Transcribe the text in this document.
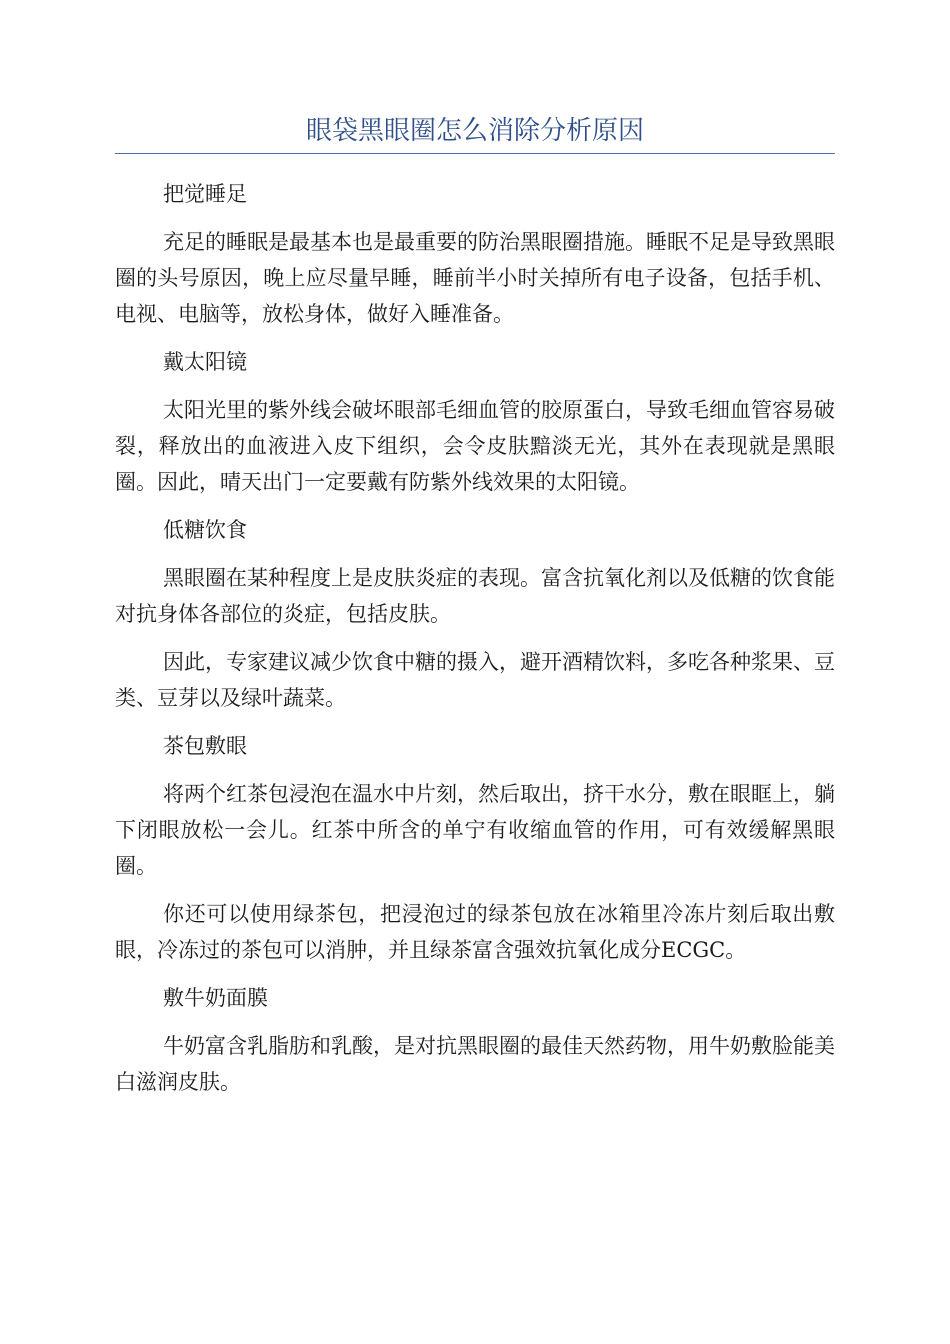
眼袋黑眼圈怎么消除分析原因

把觉睡足

充足的睡眠是最基本也是最重要的防治黑眼圈措施。睡眠不足是导致黑眼圈的头号原因，晚上应尽量早睡，睡前半小时关掉所有电子设备，包括手机、电视、电脑等，放松身体，做好入睡准备。

戴太阳镜

太阳光里的紫外线会破坏眼部毛细血管的胶原蛋白，导致毛细血管容易破裂，释放出的血液进入皮下组织，会令皮肤黯淡无光，其外在表现就是黑眼圈。因此，晴天出门一定要戴有防紫外线效果的太阳镜。

低糖饮食

黑眼圈在某种程度上是皮肤炎症的表现。富含抗氧化剂以及低糖的饮食能对抗身体各部位的炎症，包括皮肤。

因此，专家建议减少饮食中糖的摄入，避开酒精饮料，多吃各种浆果、豆类、豆芽以及绿叶蔬菜。

茶包敷眼

将两个红茶包浸泡在温水中片刻，然后取出，挤干水分，敷在眼眶上，躺下闭眼放松一会儿。红茶中所含的单宁有收缩血管的作用，可有效缓解黑眼圈。

你还可以使用绿茶包，把浸泡过的绿茶包放在冰箱里冷冻片刻后取出敷眼，冷冻过的茶包可以消肿，并且绿茶富含强效抗氧化成分ECGC。

敷牛奶面膜

牛奶富含乳脂肪和乳酸，是对抗黑眼圈的最佳天然药物，用牛奶敷脸能美白滋润皮肤。
